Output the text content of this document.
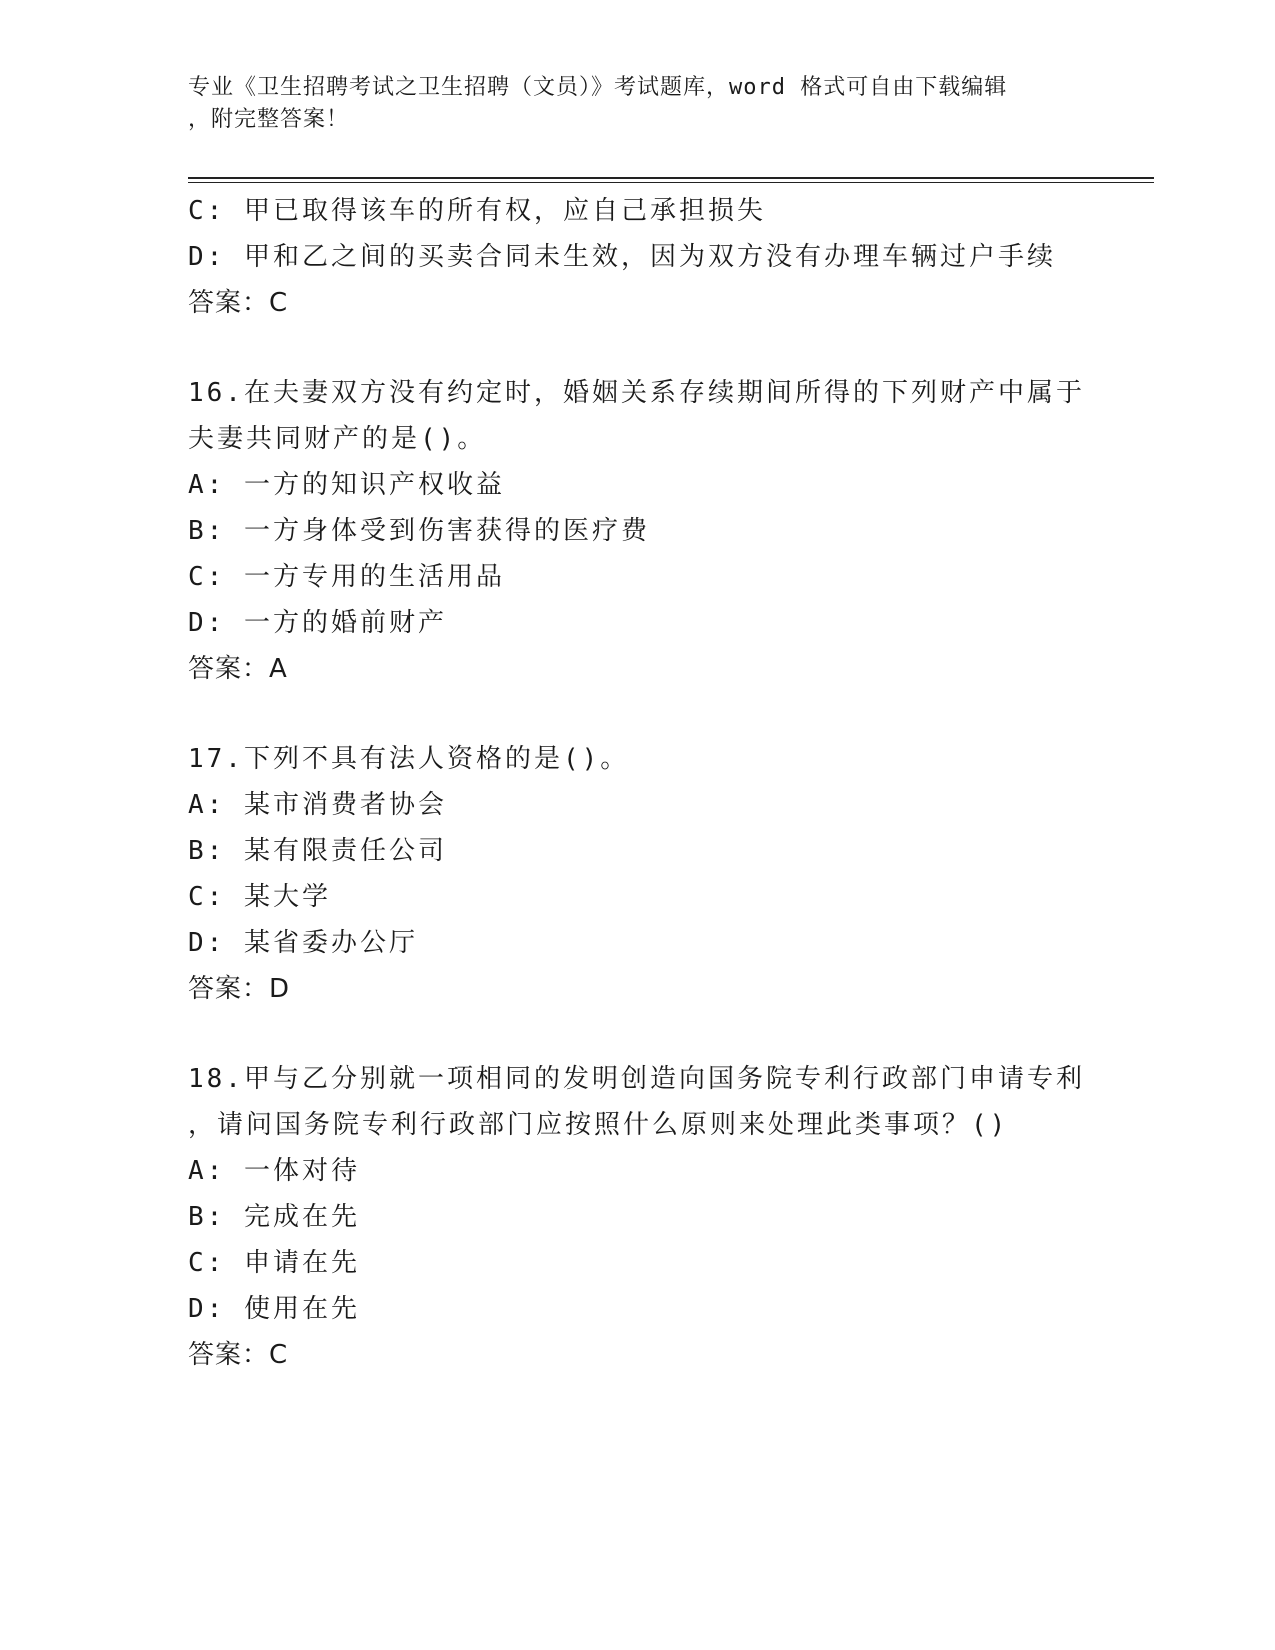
专业《卫生招聘考试之卫生招聘（文员）》考试题库，word 格式可自由下载编辑
，附完整答案！
C: 甲已取得该车的所有权，应自己承担损失
D: 甲和乙之间的买卖合同未生效，因为双方没有办理车辆过户手续
答案：C
16.在夫妻双方没有约定时，婚姻关系存续期间所得的下列财产中属于
夫妻共同财产的是()。
A: 一方的知识产权收益
B: 一方身体受到伤害获得的医疗费
C: 一方专用的生活用品
D: 一方的婚前财产
答案：A
17.下列不具有法人资格的是()。
A: 某市消费者协会
B: 某有限责任公司
C: 某大学
D: 某省委办公厅
答案：D
18.甲与乙分别就一项相同的发明创造向国务院专利行政部门申请专利
，请问国务院专利行政部门应按照什么原则来处理此类事项？()
A: 一体对待
B: 完成在先
C: 申请在先
D: 使用在先
答案：C
